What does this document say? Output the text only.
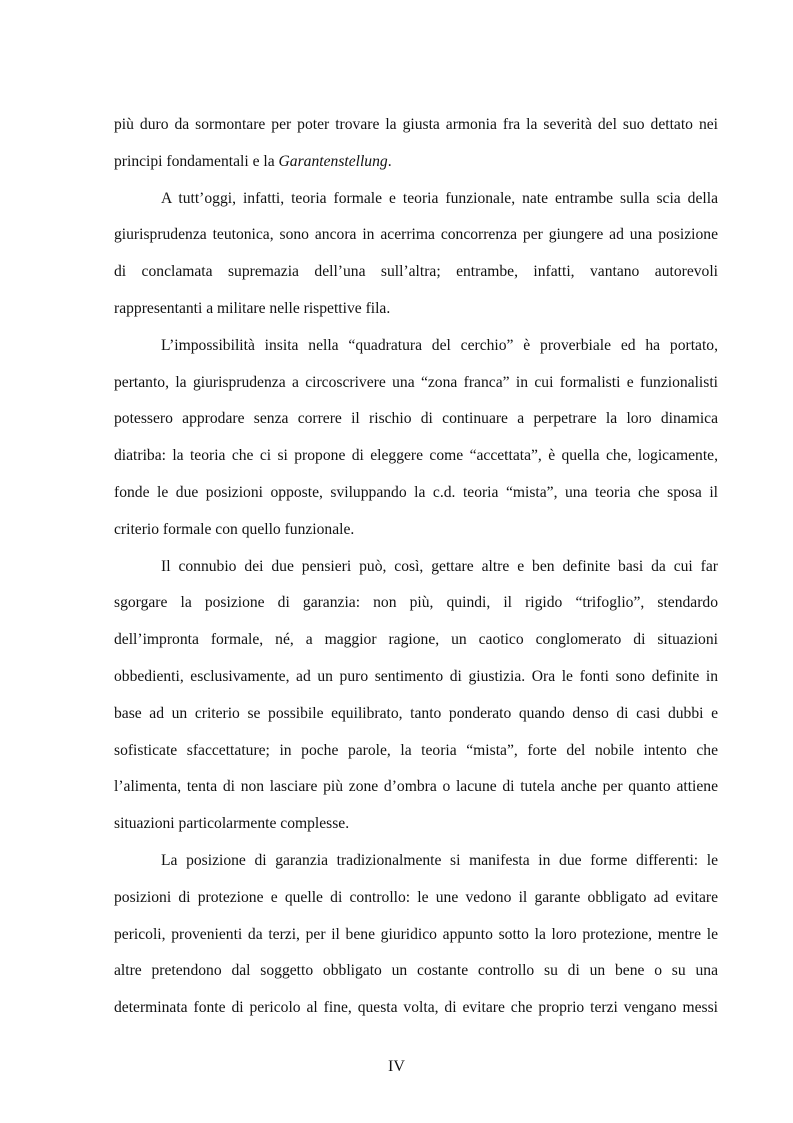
più duro da sormontare per poter trovare la giusta armonia fra la severità del suo dettato nei
principi fondamentali e la Garantenstellung.
A tutt’oggi, infatti, teoria formale e teoria funzionale, nate entrambe sulla scia della
giurisprudenza teutonica, sono ancora in acerrima concorrenza per giungere ad una posizione
di conclamata supremazia dell’una sull’altra; entrambe, infatti, vantano autorevoli
rappresentanti a militare nelle rispettive fila.
L’impossibilità insita nella “quadratura del cerchio” è proverbiale ed ha portato,
pertanto, la giurisprudenza a circoscrivere una “zona franca” in cui formalisti e funzionalisti
potessero approdare senza correre il rischio di continuare a perpetrare la loro dinamica
diatriba: la teoria che ci si propone di eleggere come “accettata”, è quella che, logicamente,
fonde le due posizioni opposte, sviluppando la c.d. teoria “mista”, una teoria che sposa il
criterio formale con quello funzionale.
Il connubio dei due pensieri può, così, gettare altre e ben definite basi da cui far
sgorgare la posizione di garanzia: non più, quindi, il rigido “trifoglio”, stendardo
dell’impronta formale, né, a maggior ragione, un caotico conglomerato di situazioni
obbedienti, esclusivamente, ad un puro sentimento di giustizia. Ora le fonti sono definite in
base ad un criterio se possibile equilibrato, tanto ponderato quando denso di casi dubbi e
sofisticate sfaccettature; in poche parole, la teoria “mista”, forte del nobile intento che
l’alimenta, tenta di non lasciare più zone d’ombra o lacune di tutela anche per quanto attiene
situazioni particolarmente complesse.
La posizione di garanzia tradizionalmente si manifesta in due forme differenti: le
posizioni di protezione e quelle di controllo: le une vedono il garante obbligato ad evitare
pericoli, provenienti da terzi, per il bene giuridico appunto sotto la loro protezione, mentre le
altre pretendono dal soggetto obbligato un costante controllo su di un bene o su una
determinata fonte di pericolo al fine, questa volta, di evitare che proprio terzi vengano messi
IV
